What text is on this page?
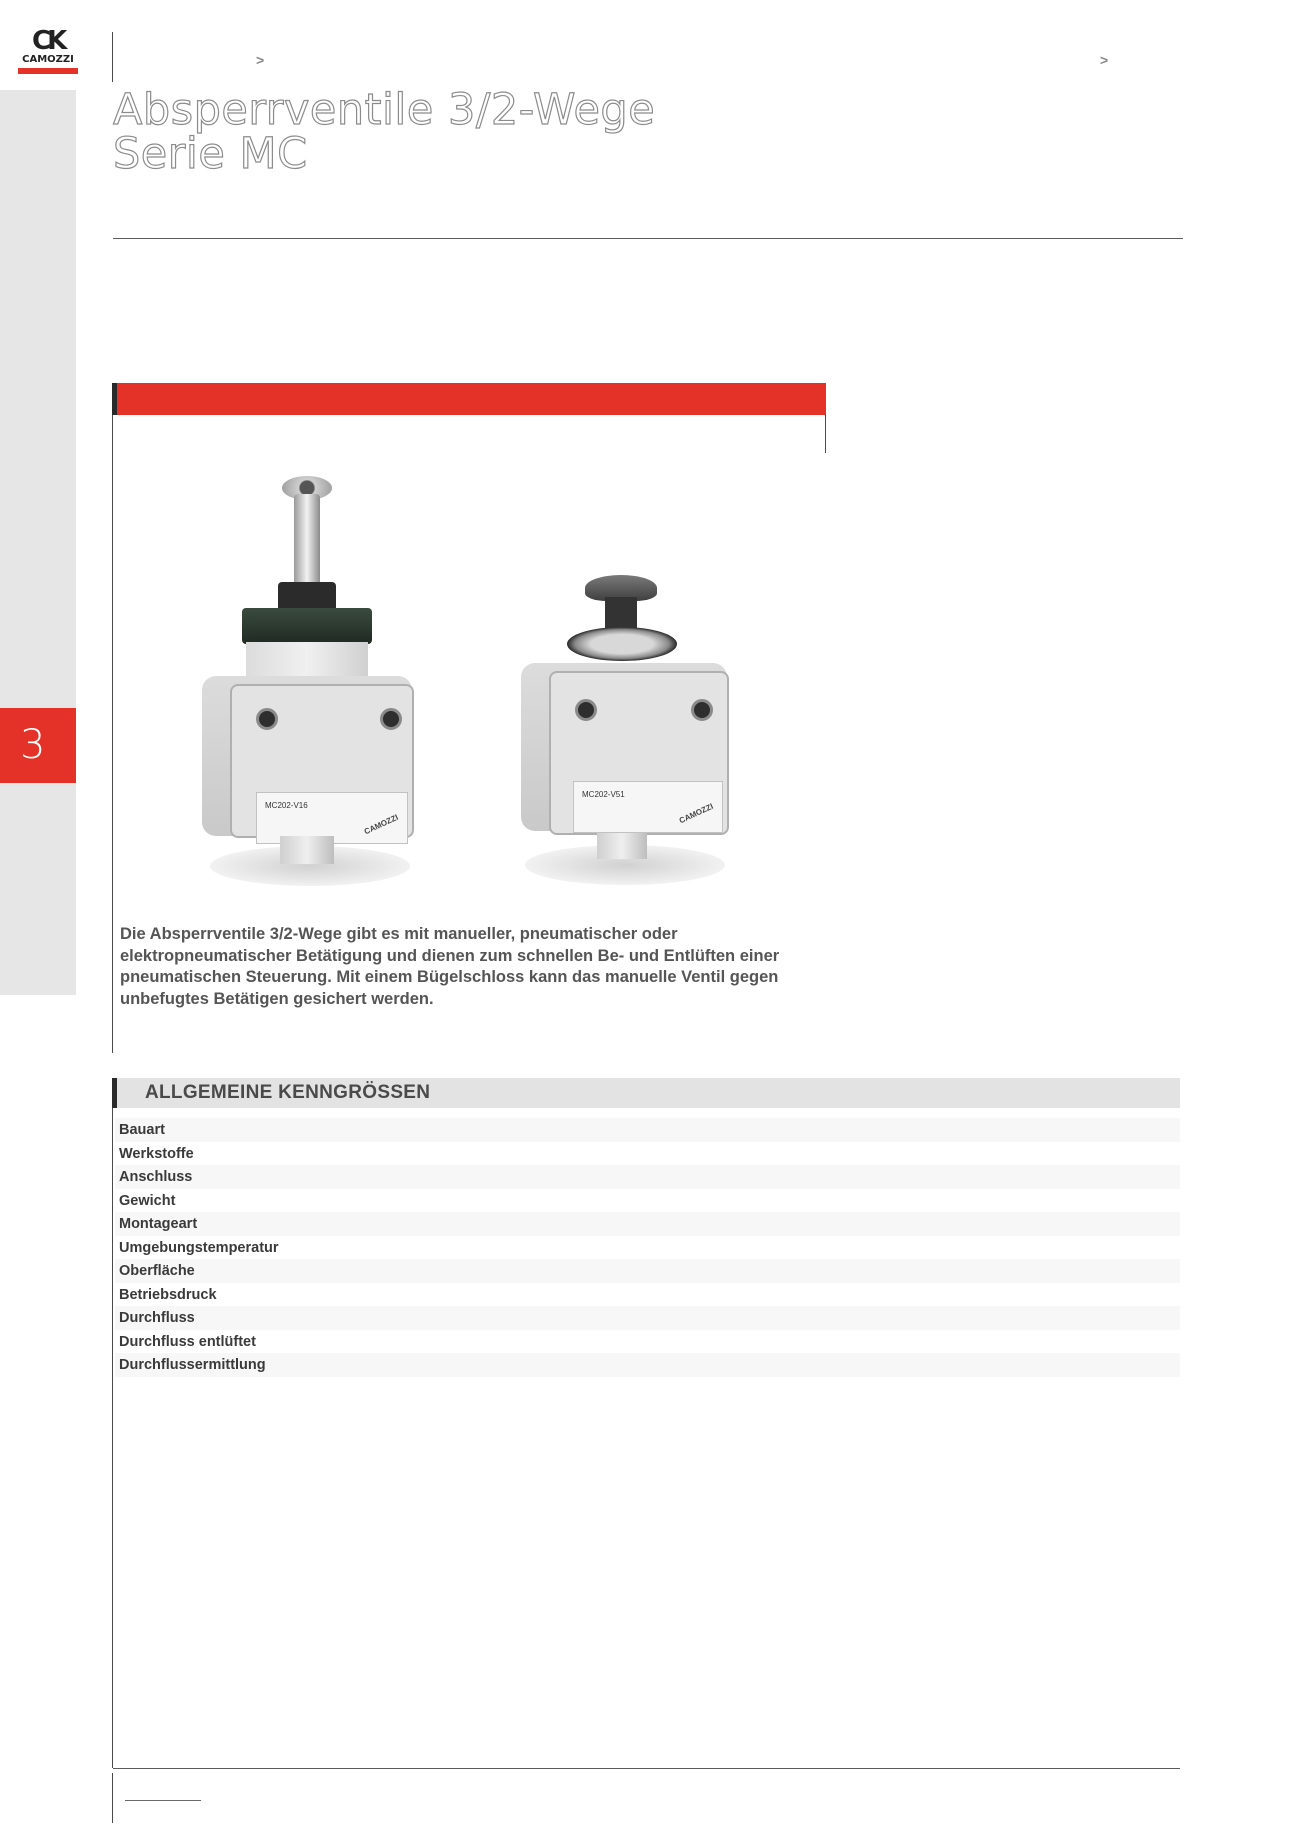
CK
CAMOZZI
3
>	>
Absperrventile 3/2-Wege
Serie MC
MC202-V16
CAMOZZI
MC202-V51
CAMOZZI
Die Absperrventile 3/2-Wege gibt es mit manueller, pneumatischer oder elektropneumatischer Betätigung und dienen zum schnellen Be- und Entlüften einer pneumatischen Steuerung. Mit einem Bügelschloss kann das manuelle Ventil gegen unbefugtes Betätigen gesichert werden.
ALLGEMEINE KENNGRÖSSEN
Bauart
Werkstoffe
Anschluss
Gewicht
Montageart
Umgebungstemperatur
Oberfläche
Betriebsdruck
Durchfluss
Durchfluss entlüftet
Durchflussermittlung
